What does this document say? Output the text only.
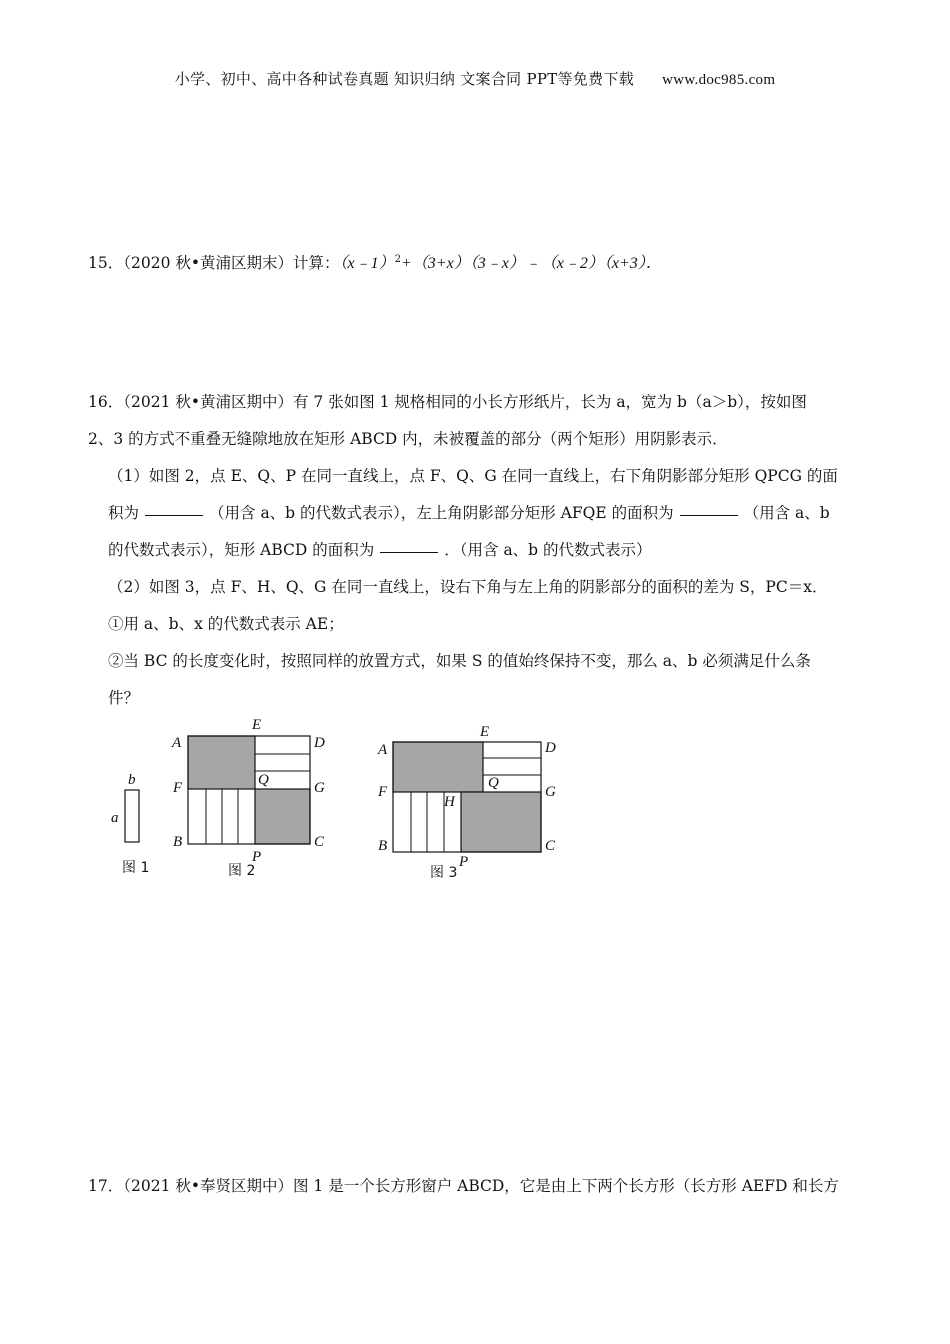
小学、初中、高中各种试卷真题 知识归纳 文案合同 PPT等免费下载 www.doc985.com
15．（2020 秋•黄浦区期末）计算：（x﹣1）$^2$+（3+x）（3﹣x）﹣（x﹣2）（x+3）．
16．（2021 秋•黄浦区期中）有 7 张如图 1 规格相同的小长方形纸片，长为 a，宽为 b（a＞b），按如图
2、3 的方式不重叠无缝隙地放在矩形 ABCD 内，未被覆盖的部分（两个矩形）用阴影表示．
（1）如图 2，点 E、Q、P 在同一直线上，点 F、Q、G 在同一直线上，右下角阴影部分矩形 QPCG 的面
积为	（用含 a、b 的代数式表示），左上角阴影部分矩形 AFQE 的面积为	（用含 a、b
的代数式表示），矩形 ABCD 的面积为	．（用含 a、b 的代数式表示）
（2）如图 3，点 F、H、Q、G 在同一直线上，设右下角与左上角的阴影部分的面积的差为 S，PC＝x．
①用 a、b、x 的代数式表示 AE；
②当 BC 的长度变化时，按照同样的放置方式，如果 S 的值始终保持不变，那么 a、b 必须满足什么条
件？
b
a
图 1
A
E
D
F	Q	G
B
P
C
图 2
A
E
D
F
Q
H
G
B
P
C
图 3
17．（2021 秋•奉贤区期中）图 1 是一个长方形窗户 ABCD，它是由上下两个长方形（长方形 AEFD 和长方
